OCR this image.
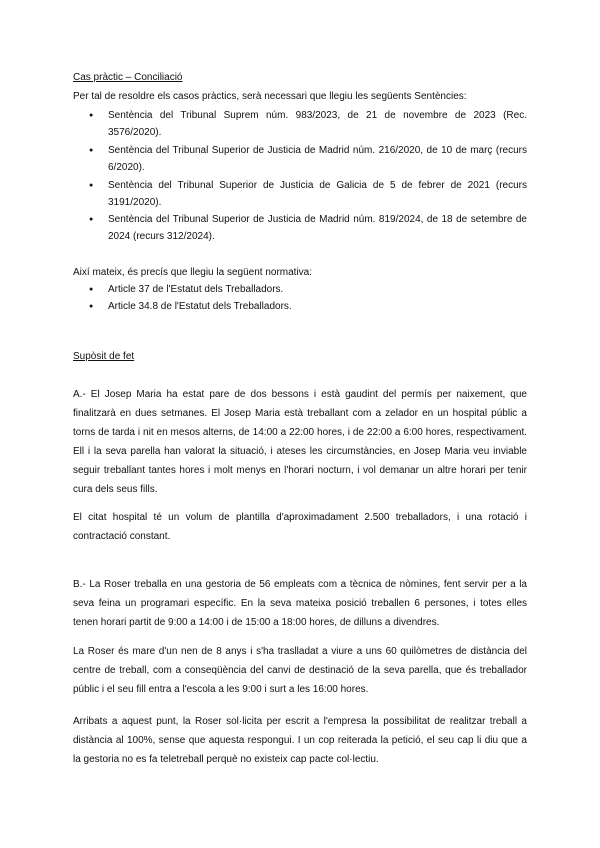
Cas pràctic – Conciliació
Per tal de resoldre els casos pràctics, serà necessari que llegiu les següents Sentències:
Sentència del Tribunal Suprem núm. 983/2023, de 21 de novembre de 2023 (Rec.
3576/2020).
Sentència del Tribunal Superior de Justicia de Madrid núm. 216/2020, de 10 de març (recurs
6/2020).
Sentència del Tribunal Superior de Justicia de Galicia de 5 de febrer de 2021 (recurs
3191/2020).
Sentència del Tribunal Superior de Justicia de Madrid núm. 819/2024, de 18 de setembre de
2024 (recurs 312/2024).
Així mateix, és precís que llegiu la següent normativa:
Article 37 de l'Estatut dels Treballadors.
Article 34.8 de l'Estatut dels Treballadors.
Supòsit de fet
A.- El Josep Maria ha estat pare de dos bessons i està gaudint del permís per naixement, que
finalitzarà en dues setmanes. El Josep Maria està treballant com a zelador en un hospital públic a
torns de tarda i nit en mesos alterns, de 14:00 a 22:00 hores, i de 22:00 a 6:00 hores, respectivament.
Ell i la seva parella han valorat la situació, i ateses les circumstàncies, en Josep Maria veu inviable
seguir treballant tantes hores i molt menys en l'horari nocturn, i vol demanar un altre horari per tenir
cura dels seus fills.
El citat hospital té un volum de plantilla d'aproximadament 2.500 treballadors, i una rotació i
contractació constant.
B.- La Roser treballa en una gestoria de 56 empleats com a tècnica de nòmines, fent servir per a la
seva feina un programari específic. En la seva mateixa posició treballen 6 persones, i totes elles
tenen horari partit de 9:00 a 14:00 i de 15:00 a 18:00 hores, de dilluns a divendres.
La Roser és mare d'un nen de 8 anys i s'ha traslladat a viure a uns 60 quilòmetres de distància del
centre de treball, com a conseqüència del canvi de destinació de la seva parella, que és treballador
públic i el seu fill entra a l'escola a les 9:00 i surt a les 16:00 hores.
Arribats a aquest punt, la Roser sol·licita per escrit a l'empresa la possibilitat de realitzar treball a
distància al 100%, sense que aquesta respongui. I un cop reiterada la petició, el seu cap li diu que a
la gestoria no es fa teletreball perquè no existeix cap pacte col·lectiu.
